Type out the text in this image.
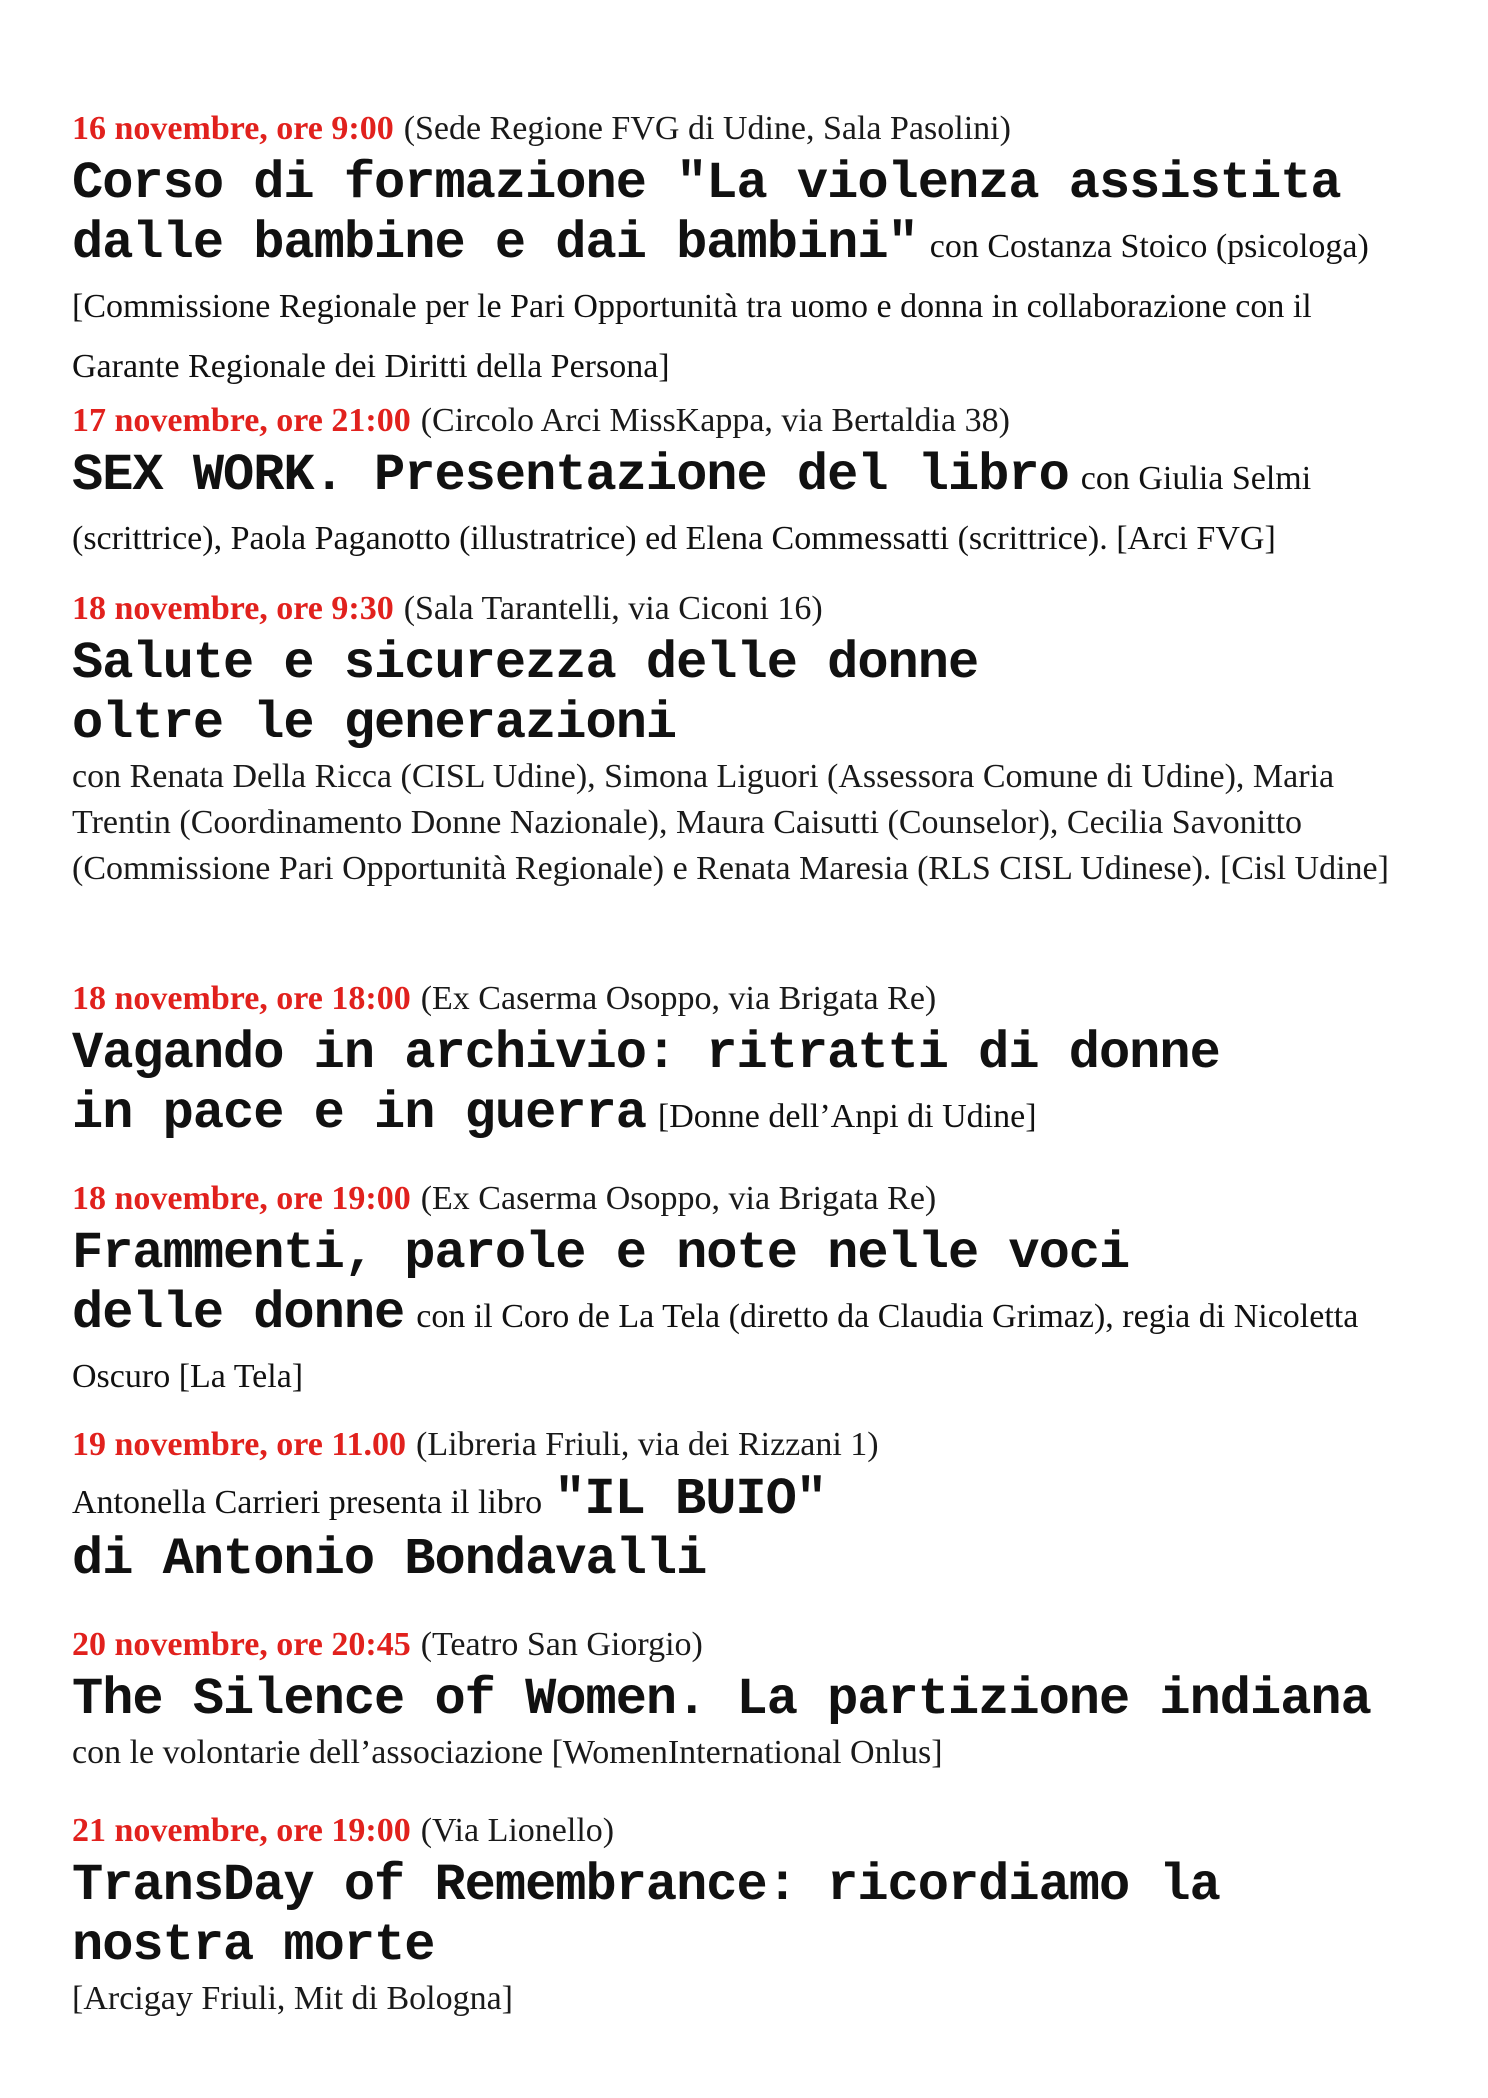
16 novembre, ore 9:00 (Sede Regione FVG di Udine, Sala Pasolini)
Corso di formazione "La violenza assistita dalle bambine e dai bambini" con Costanza Stoico (psicologa) [Commissione Regionale per le Pari Opportunità tra uomo e donna in collaborazione con il Garante Regionale dei Diritti della Persona]
17 novembre, ore 21:00 (Circolo Arci MissKappa, via Bertaldia 38)
SEX WORK. Presentazione del libro con Giulia Selmi (scrittrice), Paola Paganotto (illustratrice) ed Elena Commessatti (scrittrice). [Arci FVG]
18 novembre, ore 9:30 (Sala Tarantelli, via Ciconi 16)
Salute e sicurezza delle donne
oltre le generazioni
con Renata Della Ricca (CISL Udine), Simona Liguori (Assessora Comune di Udine), Maria Trentin (Coordinamento Donne Nazionale), Maura Caisutti (Counselor), Cecilia Savonitto (Commissione Pari Opportunità Regionale) e Renata Maresia (RLS CISL Udinese). [Cisl Udine]
18 novembre, ore 18:00 (Ex Caserma Osoppo, via Brigata Re)
Vagando in archivio: ritratti di donne
in pace e in guerra [Donne dell’Anpi di Udine]
18 novembre, ore 19:00 (Ex Caserma Osoppo, via Brigata Re)
Frammenti, parole e note nelle voci
delle donne con il Coro de La Tela (diretto da Claudia Grimaz), regia di Nicoletta Oscuro [La Tela]
19 novembre, ore 11.00 (Libreria Friuli, via dei Rizzani 1)
Antonella Carrieri presenta il libro "IL BUIO"
di Antonio Bondavalli
20 novembre, ore 20:45 (Teatro San Giorgio)
The Silence of Women. La partizione indiana
con le volontarie dell’associazione [WomenInternational Onlus]
21 novembre, ore 19:00 (Via Lionello)
TransDay of Remembrance: ricordiamo la
nostra morte
[Arcigay Friuli, Mit di Bologna]
